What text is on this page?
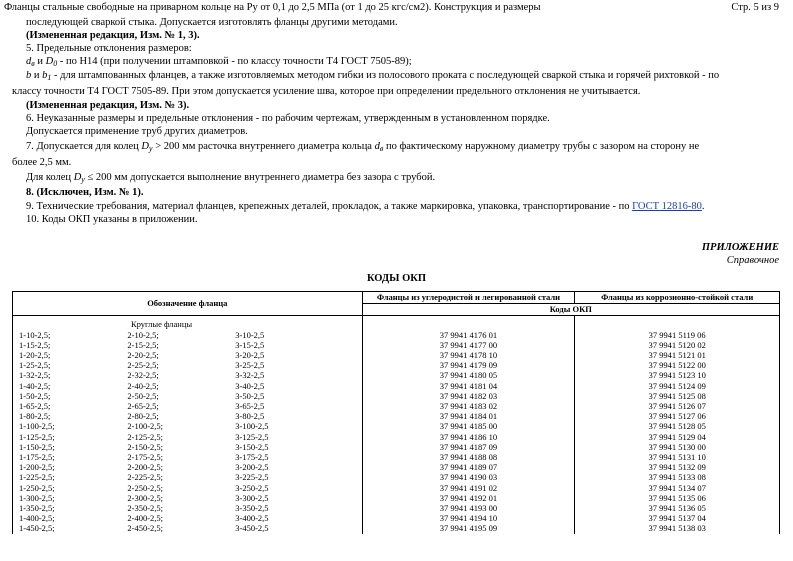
Фланцы стальные свободные на приварном кольце на Ру от 0,1 до 2,5 МПа (от 1 до 25 кгс/см2). Конструкция и размеры	Стр. 5 из 9
последующей сваркой стыка. Допускается изготовлять фланцы другими методами.
(Измененная редакция, Изм. № 1, 3).
5. Предельные отклонения размеров:
$d_в$ и $D_0$ - по Н14 (при получении штамповкой - по классу точности Т4 ГОСТ 7505-89);
b и $b_1$ - для штампованных фланцев, а также изготовляемых методом гибки из полосового проката с последующей сваркой стыка и горячей рихтовкой - по
классу точности Т4 ГОСТ 7505-89. При этом допускается усиление шва, которое при определении предельного отклонения не учитывается.
(Измененная редакция, Изм. № 3).
6. Неуказанные размеры и предельные отклонения - по рабочим чертежам, утвержденным в установленном порядке.
Допускается применение труб других диаметров.
7. Допускается для колец $D_у > 200$ мм расточка внутреннего диаметра кольца $d_в$ по фактическому наружному диаметру трубы с зазором на сторону не
более 2,5 мм.
Для колец $D_у \le 200$ мм допускается выполнение внутреннего диаметра без зазора с трубой.
8. (Исключен, Изм. № 1).
9. Технические требования, материал фланцев, крепежных деталей, прокладок, а также маркировка, упаковка, транспортирование - по ГОСТ 12816-80.
10. Коды ОКП указаны в приложении.
ПРИЛОЖЕНИЕ
Справочное
КОДЫ ОКП
Обозначение фланца			Фланцы из углеродистой и легированной стали	Фланцы из коррозионно-стойкой стали
			Коды ОКП	
Круглые фланцы				
1-10-2,5;	2-10-2,5;	3-10-2,5	37 9941 4176 01	37 9941 5119 06
1-15-2,5;	2-15-2,5;	3-15-2,5	37 9941 4177 00	37 9941 5120 02
1-20-2,5;	2-20-2,5;	3-20-2,5	37 9941 4178 10	37 9941 5121 01
1-25-2,5;	2-25-2,5;	3-25-2,5	37 9941 4179 09	37 9941 5122 00
1-32-2,5;	2-32-2,5;	3-32-2,5	37 9941 4180 05	37 9941 5123 10
1-40-2,5;	2-40-2,5;	3-40-2,5	37 9941 4181 04	37 9941 5124 09
1-50-2,5;	2-50-2,5;	3-50-2,5	37 9941 4182 03	37 9941 5125 08
1-65-2,5;	2-65-2,5;	3-65-2,5	37 9941 4183 02	37 9941 5126 07
1-80-2,5;	2-80-2,5;	3-80-2,5	37 9941 4184 01	37 9941 5127 06
1-100-2,5;	2-100-2,5;	3-100-2,5	37 9941 4185 00	37 9941 5128 05
1-125-2,5;	2-125-2,5;	3-125-2,5	37 9941 4186 10	37 9941 5129 04
1-150-2,5;	2-150-2,5;	3-150-2,5	37 9941 4187 09	37 9941 5130 00
1-175-2,5;	2-175-2,5;	3-175-2,5	37 9941 4188 08	37 9941 5131 10
1-200-2,5;	2-200-2,5;	3-200-2,5	37 9941 4189 07	37 9941 5132 09
1-225-2,5;	2-225-2,5;	3-225-2,5	37 9941 4190 03	37 9941 5133 08
1-250-2,5;	2-250-2,5;	3-250-2,5	37 9941 4191 02	37 9941 5134 07
1-300-2,5;	2-300-2,5;	3-300-2,5	37 9941 4192 01	37 9941 5135 06
1-350-2,5;	2-350-2,5;	3-350-2,5	37 9941 4193 00	37 9941 5136 05
1-400-2,5;	2-400-2,5;	3-400-2,5	37 9941 4194 10	37 9941 5137 04
1-450-2,5;	2-450-2,5;	3-450-2,5	37 9941 4195 09	37 9941 5138 03
